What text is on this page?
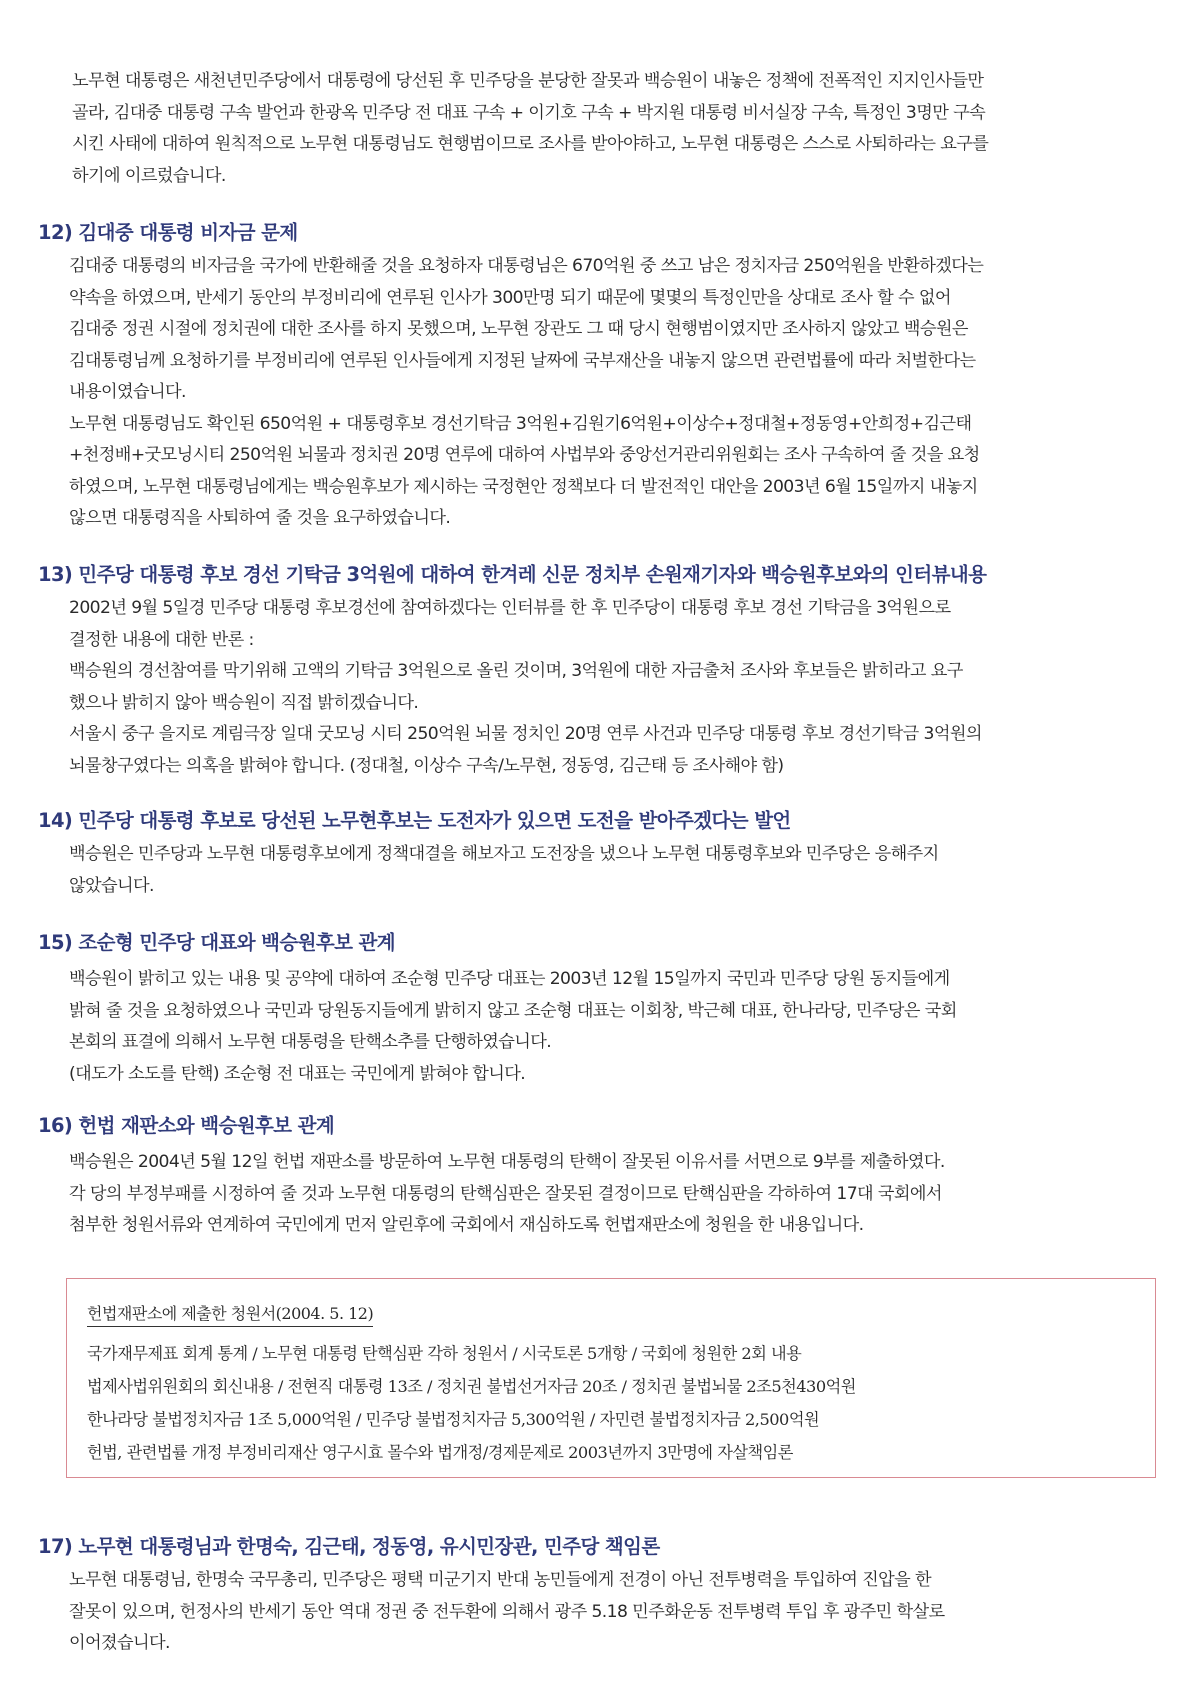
노무현 대통령은 새천년민주당에서 대통령에 당선된 후 민주당을 분당한 잘못과 백승원이 내놓은 정책에 전폭적인 지지인사들만
골라, 김대중 대통령 구속 발언과 한광옥 민주당 전 대표 구속 + 이기호 구속 + 박지원 대통령 비서실장 구속, 특정인 3명만 구속
시킨 사태에 대하여 원칙적으로 노무현 대통령님도 현행범이므로 조사를 받아야하고, 노무현 대통령은 스스로 사퇴하라는 요구를
하기에 이르렀습니다.
12) 김대중 대통령 비자금 문제
김대중 대통령의 비자금을 국가에 반환해줄 것을 요청하자 대통령님은 670억원 중 쓰고 남은 정치자금 250억원을 반환하겠다는
약속을 하였으며, 반세기 동안의 부정비리에 연루된 인사가 300만명 되기 때문에 몇몇의 특정인만을 상대로 조사 할 수 없어
김대중 정권 시절에 정치권에 대한 조사를 하지 못했으며, 노무현 장관도 그 때 당시 현행범이였지만 조사하지 않았고 백승원은
김대통령님께 요청하기를 부정비리에 연루된 인사들에게 지정된 날짜에 국부재산을 내놓지 않으면 관련법률에 따라 처벌한다는
내용이였습니다.
노무현 대통령님도 확인된 650억원 + 대통령후보 경선기탁금 3억원+김원기6억원+이상수+정대철+정동영+안희정+김근태
+천정배+굿모닝시티 250억원 뇌물과 정치권 20명 연루에 대하여 사법부와 중앙선거관리위원회는 조사 구속하여 줄 것을 요청
하였으며, 노무현 대통령님에게는 백승원후보가 제시하는 국정현안 정책보다 더 발전적인 대안을 2003년 6월 15일까지 내놓지
않으면 대통령직을 사퇴하여 줄 것을 요구하였습니다.
13) 민주당 대통령 후보 경선 기탁금 3억원에 대하여 한겨레 신문 정치부 손원재기자와 백승원후보와의 인터뷰내용
2002년 9월 5일경 민주당 대통령 후보경선에 참여하겠다는 인터뷰를 한 후 민주당이 대통령 후보 경선 기탁금을 3억원으로
결정한 내용에 대한 반론 :
백승원의 경선참여를 막기위해 고액의 기탁금 3억원으로 올린 것이며, 3억원에 대한 자금출처 조사와 후보들은 밝히라고 요구
했으나 밝히지 않아 백승원이 직접 밝히겠습니다.
서울시 중구 을지로 계림극장 일대 굿모닝 시티 250억원 뇌물 정치인 20명 연루 사건과 민주당 대통령 후보 경선기탁금 3억원의
뇌물창구였다는 의혹을 밝혀야 합니다. (정대철, 이상수 구속/노무현, 정동영, 김근태 등 조사해야 함)
14) 민주당 대통령 후보로 당선된 노무현후보는 도전자가 있으면 도전을 받아주겠다는 발언
백승원은 민주당과 노무현 대통령후보에게 정책대결을 해보자고 도전장을 냈으나 노무현 대통령후보와 민주당은 응해주지
않았습니다.
15) 조순형 민주당 대표와 백승원후보 관계
백승원이 밝히고 있는 내용 및 공약에 대하여 조순형 민주당 대표는 2003년 12월 15일까지 국민과 민주당 당원 동지들에게
밝혀 줄 것을 요청하였으나 국민과 당원동지들에게 밝히지 않고 조순형 대표는 이회창, 박근혜 대표, 한나라당, 민주당은 국회
본회의 표결에 의해서 노무현 대통령을 탄핵소추를 단행하였습니다.
(대도가 소도를 탄핵) 조순형 전 대표는 국민에게 밝혀야 합니다.
16) 헌법 재판소와 백승원후보 관계
백승원은 2004년 5월 12일 헌법 재판소를 방문하여 노무현 대통령의 탄핵이 잘못된 이유서를 서면으로 9부를 제출하였다.
각 당의 부정부패를 시정하여 줄 것과 노무현 대통령의 탄핵심판은 잘못된 결정이므로 탄핵심판을 각하하여 17대 국회에서
첨부한 청원서류와 연계하여 국민에게 먼저 알린후에 국회에서 재심하도록 헌법재판소에 청원을 한 내용입니다.
헌법재판소에 제출한 청원서(2004. 5. 12)
국가재무제표 회계 통계 / 노무현 대통령 탄핵심판 각하 청원서 / 시국토론 5개항 / 국회에 청원한 2회 내용
법제사법위원회의 회신내용 / 전현직 대통령 13조 / 정치권 불법선거자금 20조 / 정치권 불법뇌물 2조5천430억원
한나라당 불법정치자금 1조 5,000억원 / 민주당 불법정치자금 5,300억원 / 자민련 불법정치자금 2,500억원
헌법, 관련법률 개정 부정비리재산 영구시효 몰수와 법개정/경제문제로 2003년까지 3만명에 자살책임론
17) 노무현 대통령님과 한명숙, 김근태, 정동영, 유시민장관, 민주당 책임론
노무현 대통령님, 한명숙 국무총리, 민주당은 평택 미군기지 반대 농민들에게 전경이 아닌 전투병력을 투입하여 진압을 한
잘못이 있으며, 헌정사의 반세기 동안 역대 정권 중 전두환에 의해서 광주 5.18 민주화운동 전투병력 투입 후 광주민 학살로
이어졌습니다.
